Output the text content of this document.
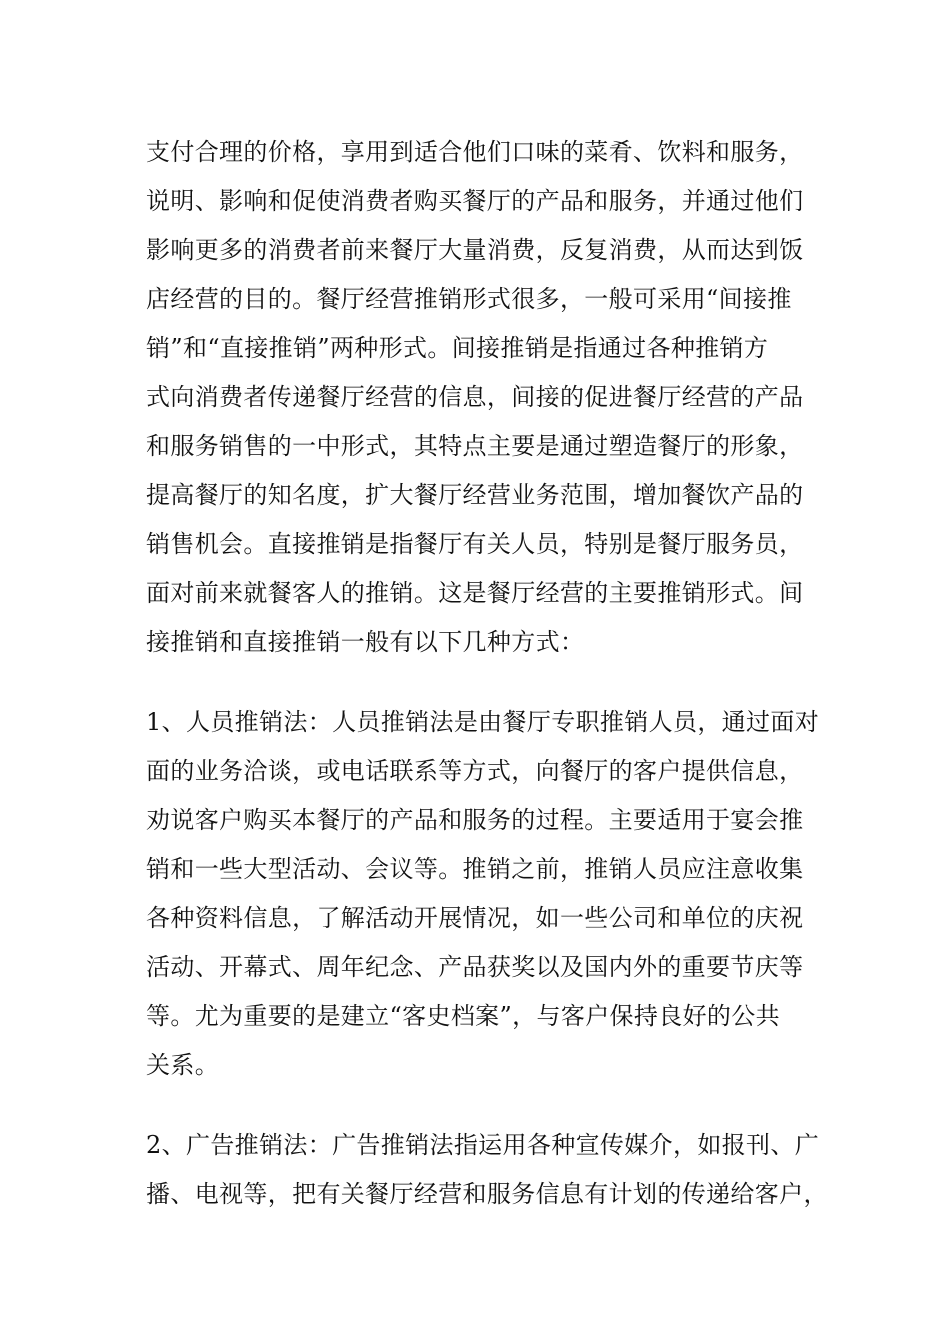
支付合理的价格，享用到适合他们口味的菜肴、饮料和服务，
说明、影响和促使消费者购买餐厅的产品和服务，并通过他们
影响更多的消费者前来餐厅大量消费，反复消费，从而达到饭
店经营的目的。餐厅经营推销形式很多，一般可采用“间接推
销”和“直接推销”两种形式。间接推销是指通过各种推销方
式向消费者传递餐厅经营的信息，间接的促进餐厅经营的产品
和服务销售的一中形式，其特点主要是通过塑造餐厅的形象，
提高餐厅的知名度，扩大餐厅经营业务范围，增加餐饮产品的
销售机会。直接推销是指餐厅有关人员，特别是餐厅服务员，
面对前来就餐客人的推销。这是餐厅经营的主要推销形式。间
接推销和直接推销一般有以下几种方式：
1、人员推销法：人员推销法是由餐厅专职推销人员，通过面对
面的业务洽谈，或电话联系等方式，向餐厅的客户提供信息，
劝说客户购买本餐厅的产品和服务的过程。主要适用于宴会推
销和一些大型活动、会议等。推销之前，推销人员应注意收集
各种资料信息，了解活动开展情况，如一些公司和单位的庆祝
活动、开幕式、周年纪念、产品获奖以及国内外的重要节庆等
等。尤为重要的是建立“客史档案”，与客户保持良好的公共
关系。
2、广告推销法：广告推销法指运用各种宣传媒介，如报刊、广
播、电视等，把有关餐厅经营和服务信息有计划的传递给客户，
